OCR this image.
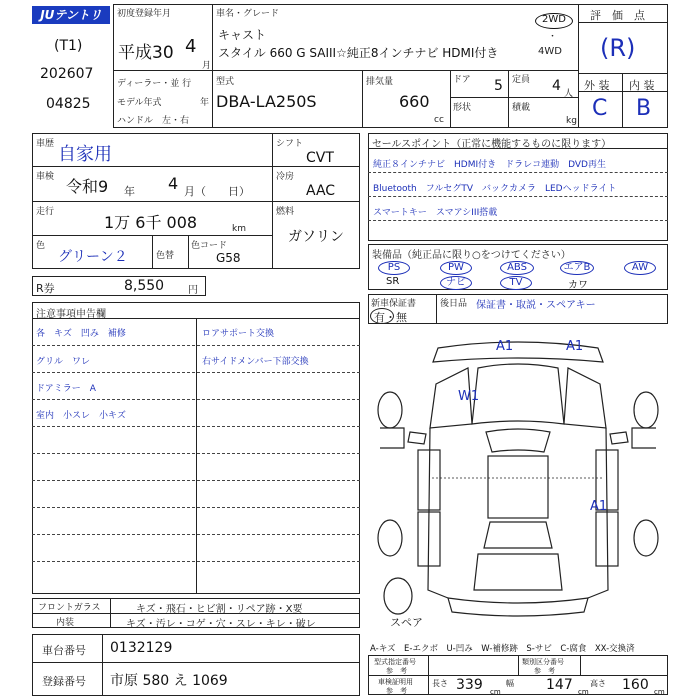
JUテントリ	初度登録年月
(T1)
202607
04825
平成30 4
月
ディーラー・並 行
モデル年式	年
ハンドル　左・右
車名・グレード
キャスト
スタイル 660 G SAIII☆純正8インチナビ HDMI付き
2WD
・
4WD
型式
DBA-LA250S
排気量
660
cc
ドア 5 定員 4 人
形状	積載
kg
評　価　点
(R)
外 装 内 装
C B
車歴 自家用
車検 令和9 年 4 月（　　日）
走行
1万 6千 008	km
色
グリーン２	色替
色コード
G58
シフト
CVT
冷房
AAC
燃料
ガソリン
セールスポイント（正常に機能するものに限ります）
純正８インチナビ　HDMI付き　ドラレコ連動　DVD再生
Bluetooth　フルセグTV　バックカメラ　LEDヘッドライト
スマートキー　スマアシIII搭載
装備品（純正品に限り○をつけてください）
PS	PW	ABS	エアB	AW
SR	ナビ	TV	カワ
R券	8,550 円
新車保証書
有・無
後日品 保証書・取説・スペアキー
注意事項申告欄
各　キズ　凹み　補修
グリル　ワレ
ドアミラー　A
室内　小スレ　小キズ
ロアサポート交換
右サイドメンバー下部交換
A1	A1
W1
A1
スペア
フロントガラス	キズ・飛石・ヒビ割・リペア跡・X要
内装	キズ・汚レ・コゲ・穴・スレ・キレ・破レ
車台番号 0132129
登録番号 市原 580 え 1069
A-キズ　E-エクボ　U-凹み　W-補修跡　S-サビ　C-腐食　XX-交換済
型式指定番号
参　考
類別区分番号
参　考
車検証明用
参　考
長さ 339 cm
幅 147 cm
高さ 160 cm
